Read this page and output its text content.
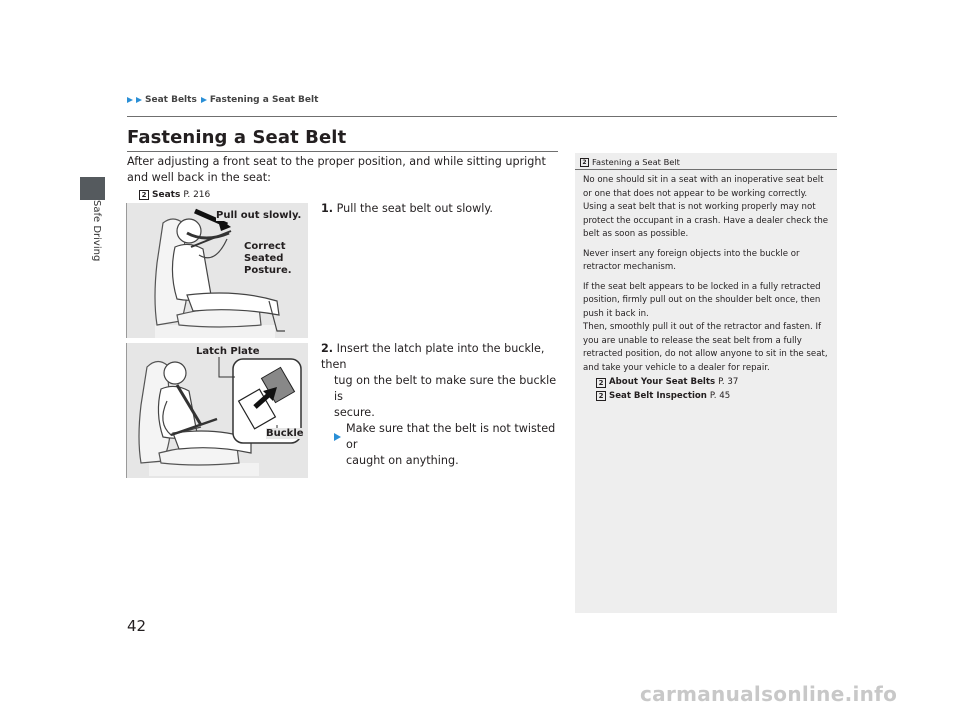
Safe Driving
Seat Belts Fastening a Seat Belt
Fastening a Seat Belt
After adjusting a front seat to the proper position, and while sitting upright and well back in the seat:
2 Seats P. 216
Pull out slowly.
Correct
Seated
Posture.
Latch Plate
Buckle
1. Pull the seat belt out slowly.
2. Insert the latch plate into the buckle, then
tug on the belt to make sure the buckle is
secure.
Make sure that the belt is not twisted or
caught on anything.
2 Fastening a Seat Belt

No one should sit in a seat with an inoperative seat belt or one that does not appear to be working correctly. Using a seat belt that is not working properly may not protect the occupant in a crash. Have a dealer check the belt as soon as possible.

Never insert any foreign objects into the buckle or retractor mechanism.

If the seat belt appears to be locked in a fully retracted position, firmly pull out on the shoulder belt once, then push it back in.

Then, smoothly pull it out of the retractor and fasten. If you are unable to release the seat belt from a fully retracted position, do not allow anyone to sit in the seat, and take your vehicle to a dealer for repair.

2 About Your Seat Belts P. 37
2 Seat Belt Inspection P. 45
42
carmanualsonline.info
